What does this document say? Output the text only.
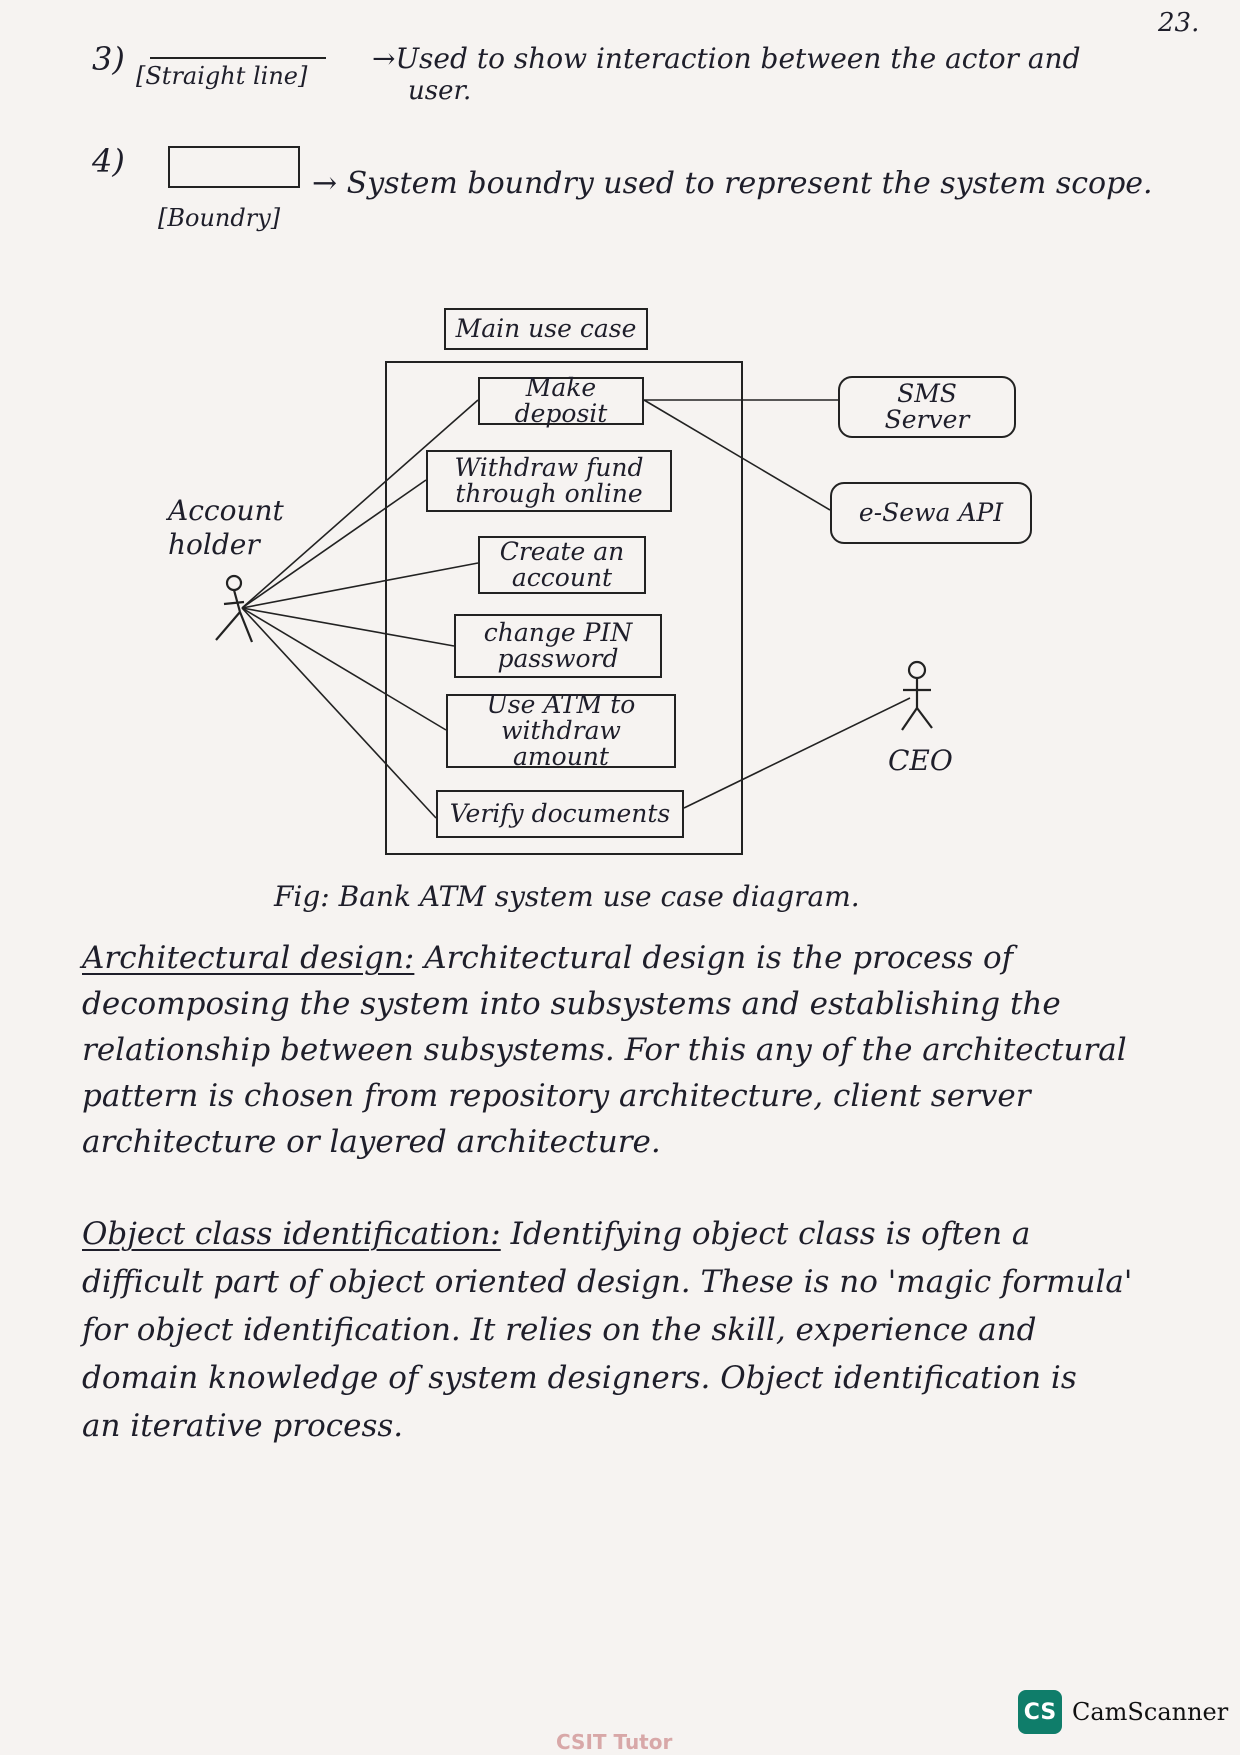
23.
3) [Straight line]
→Used to show interaction between the actor and
user.
4)
[Boundry]
→ System boundry used to represent the system scope.
Main use case
Make deposit
Withdraw fund through online
Create an account
change PIN password
Use ATM to withdraw amount
Verify documents
SMS Server
e-Sewa API
Account holder
CEO
Fig: Bank ATM system use case diagram.
Architectural design: Architectural design is the process of
decomposing the system into subsystems and establishing the
relationship between subsystems. For this any of the architectural
pattern is chosen from repository architecture, client server
architecture or layered architecture.
Object class identification: Identifying object class is often a
difficult part of object oriented design. These is no 'magic formula'
for object identification. It relies on the skill, experience and
domain knowledge of system designers. Object identification is
an iterative process.
CS CamScanner
CSIT Tutor
